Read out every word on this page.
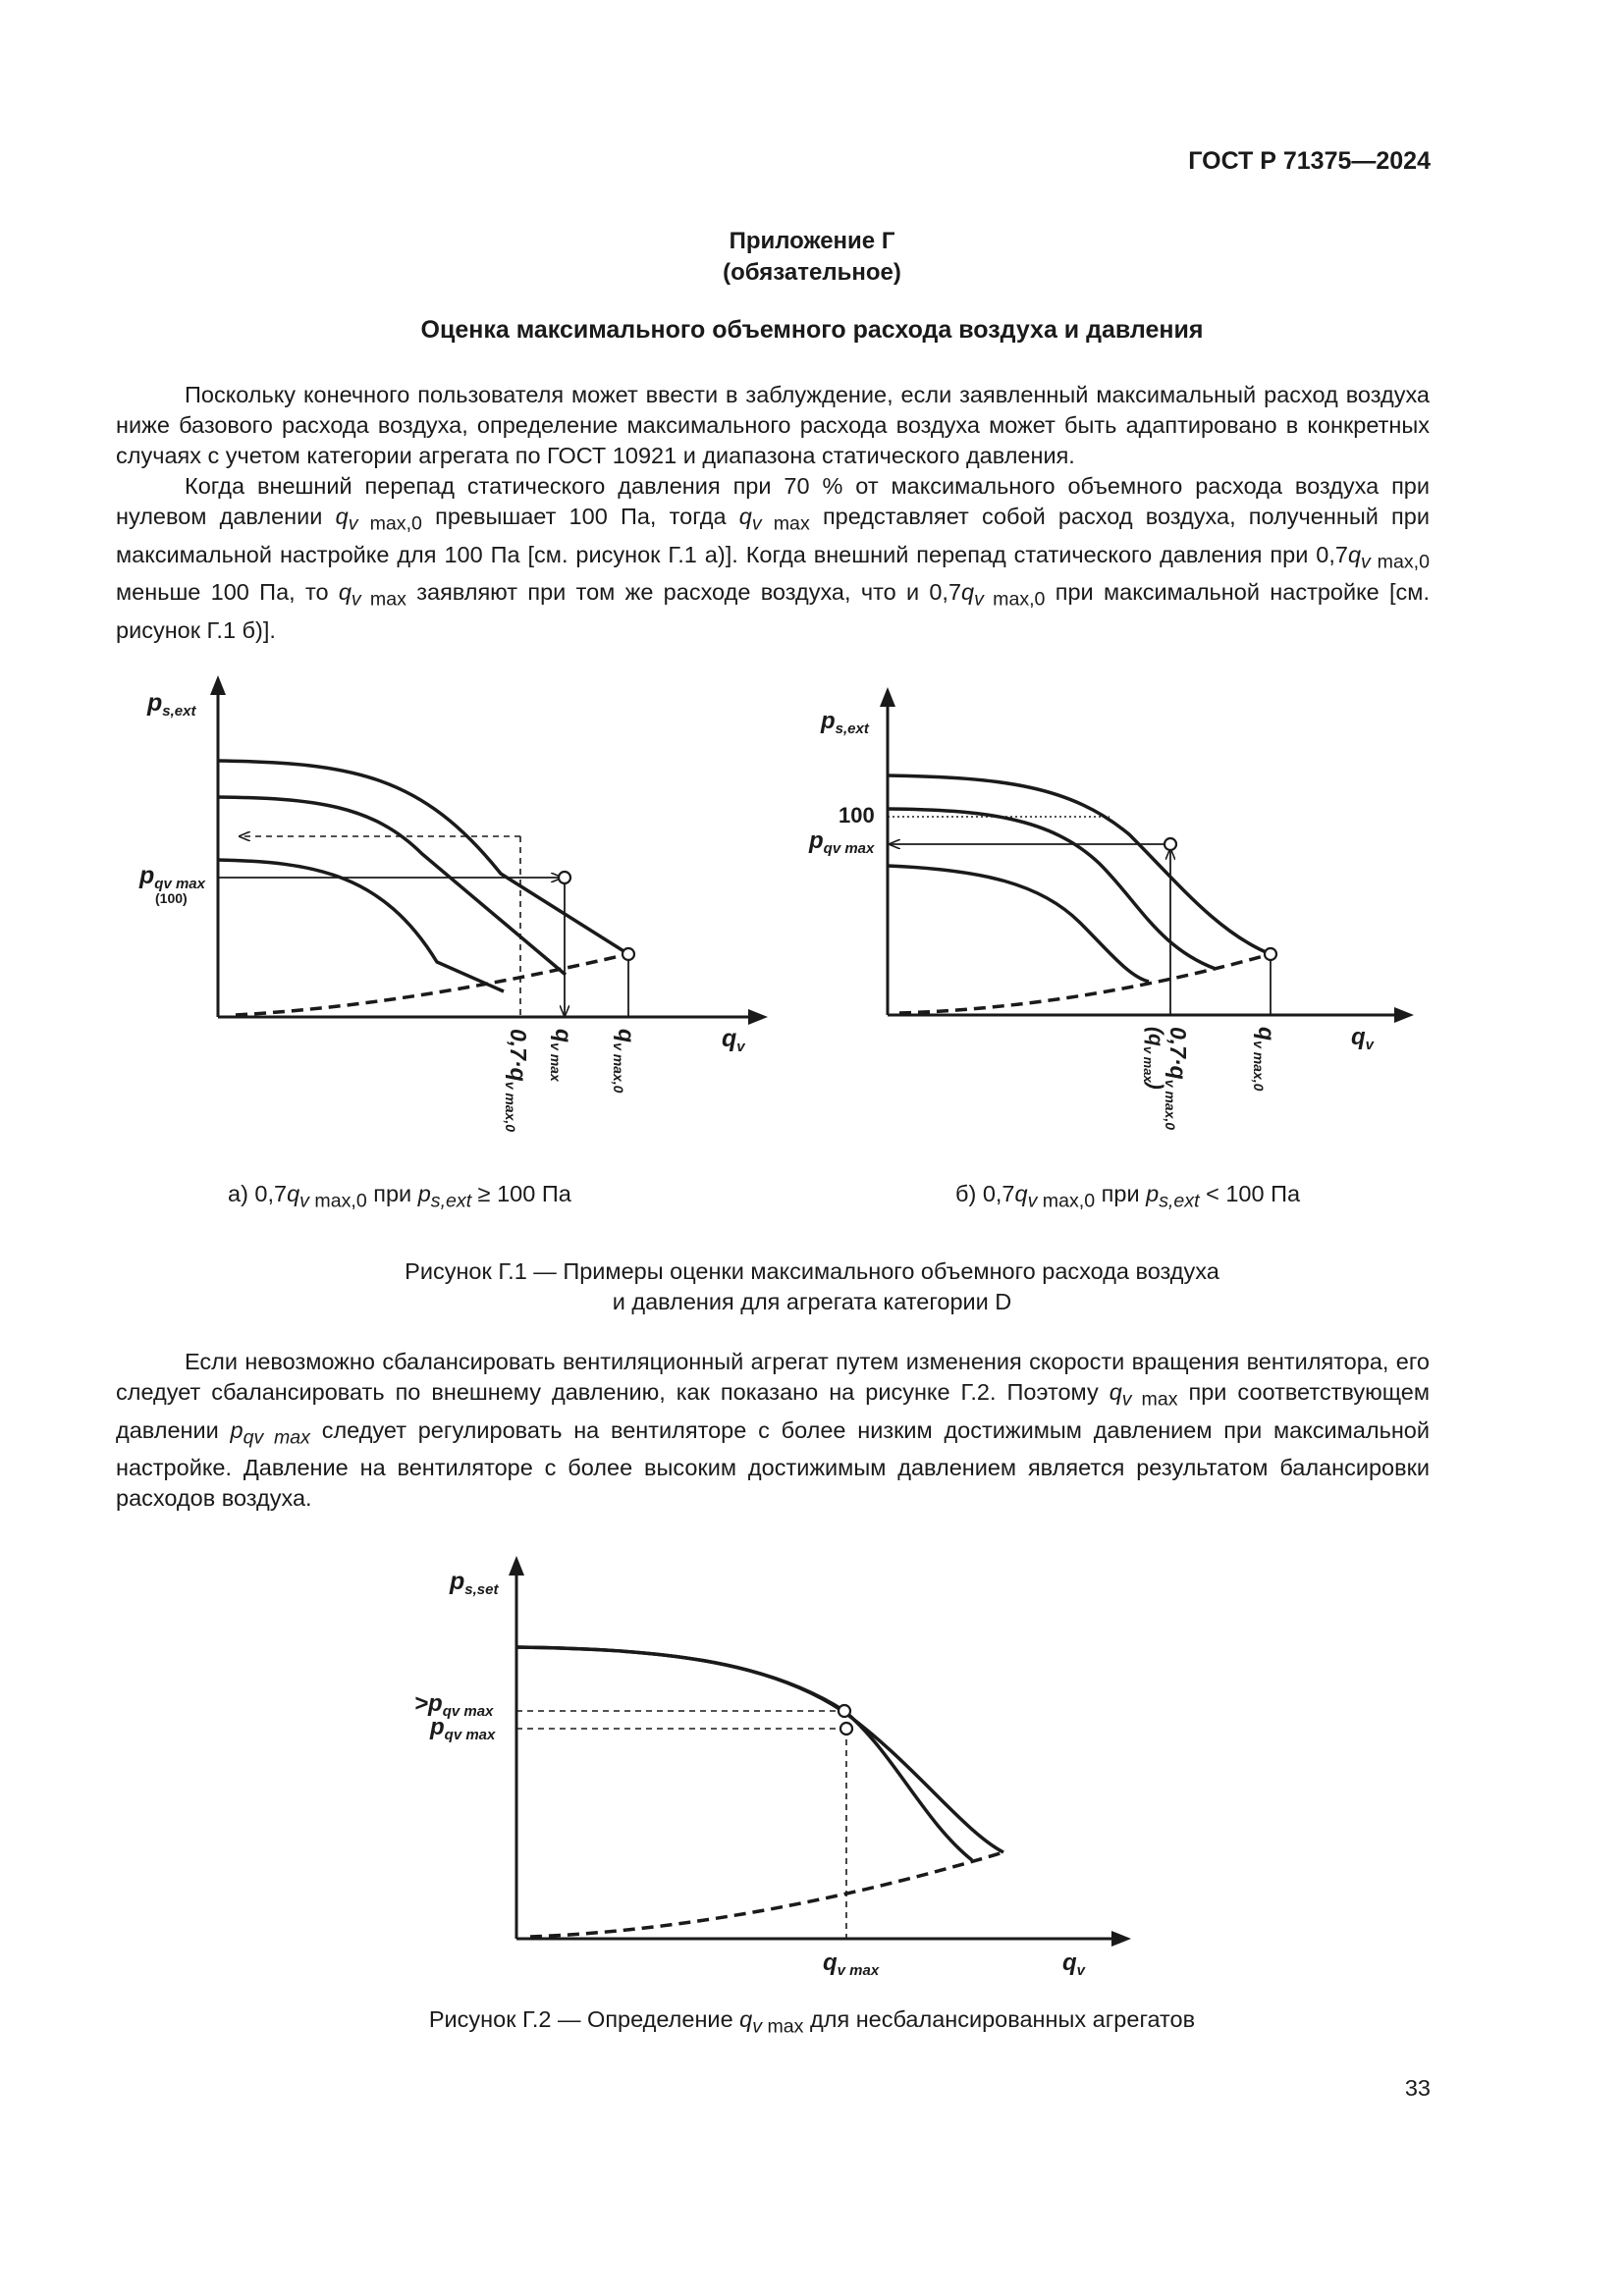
ГОСТ Р 71375—2024
Приложение Г
(обязательное)
Оценка максимального объемного расхода воздуха и давления

Поскольку конечного пользователя может ввести в заблуждение, если заявленный максимальный расход воздуха ниже базового расхода воздуха, определение максимального расхода воздуха может быть адаптировано в конкретных случаях с учетом категории агрегата по ГОСТ 10921 и диапазона статического давления.

Когда внешний перепад статического давления при 70 % от максимального объемного расхода воздуха при нулевом давлении $q_{v max,0}$ превышает 100 Па, тогда $q_{v max}$ представляет собой расход воздуха, полученный при максимальной настройке для 100 Па [см. рисунок Г.1 а)]. Когда внешний перепад статического давления при $0,7q_{v max,0}$ меньше 100 Па, то $q_{v max}$ заявляют при том же расходе воздуха, что и $0,7q_{v max,0}$ при максимальной настройке [см. рисунок Г.1 б)].

$p_{s,ext}$
$p_{qv max}$
(100)
$q_v$
$0,7\cdot q_{v max,0}$
$q_{v max}$
$q_{v max,0}$
$p_{s,ext}$
100
$p_{qv max}$
$q_v$
$0,7\cdot q_{v max,0}$
$(q_{v max})$
$q_{v max,0}$
а) $0,7q_{v max,0}$ при $p_{s,ext} \ge 100$ Па	б) $0,7q_{v max,0}$ при $p_{s,ext} < 100$ Па
Рисунок Г.1 — Примеры оценки максимального объемного расхода воздуха
и давления для агрегата категории D

Если невозможно сбалансировать вентиляционный агрегат путем изменения скорости вращения вентилятора, его следует сбалансировать по внешнему давлению, как показано на рисунке Г.2. Поэтому $q_{v max}$ при соответствующем давлении $p_{qv max}$ следует регулировать на вентиляторе с более низким достижимым давлением при максимальной настройке. Давление на вентиляторе с более высоким достижимым давлением является результатом балансировки расходов воздуха.

$p_{s,set}$
$>p_{qv max}$
$p_{qv max}$
$q_{v max}$	$q_v$
Рисунок Г.2 — Определение $q_{v max}$ для несбалансированных агрегатов
33
